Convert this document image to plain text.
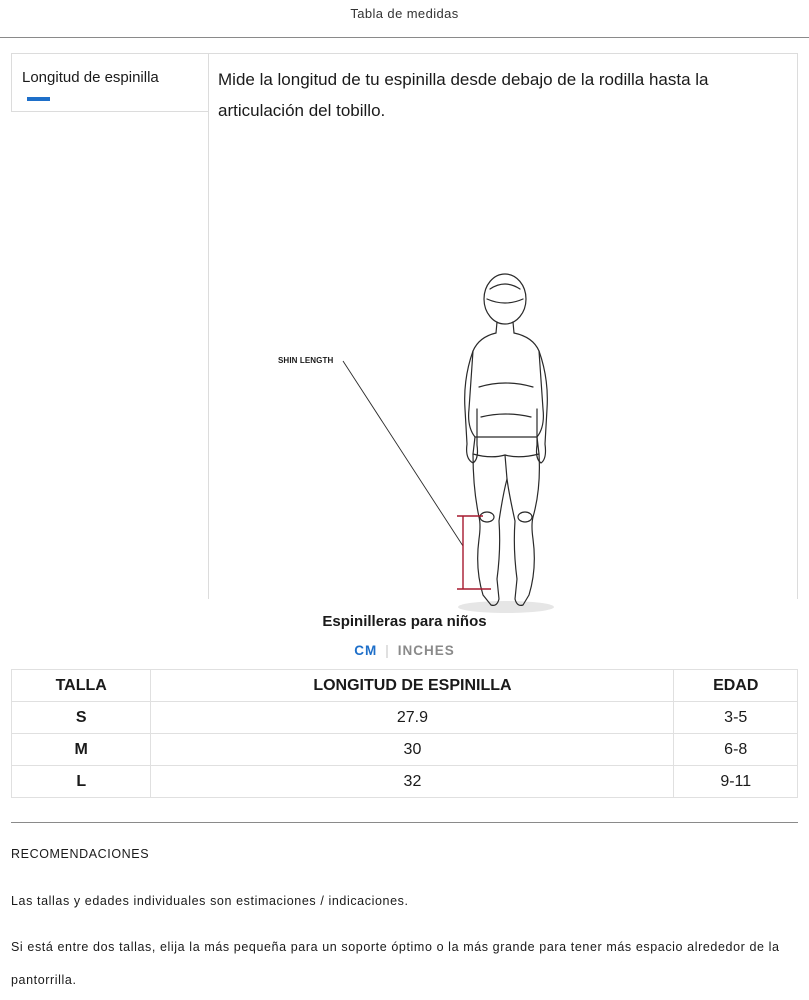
Tabla de medidas
Longitud de espinilla	Mide la longitud de tu espinilla desde debajo de la rodilla hasta la articulación del tobillo.

SHIN LENGTH
Espinilleras para niños
CM | INCHES
TALLA	LONGITUD DE ESPINILLA	EDAD
S	27.9	3-5
M	30	6-8
L	32	9-11
RECOMENDACIONES

Las tallas y edades individuales son estimaciones / indicaciones.

Si está entre dos tallas, elija la más pequeña para un soporte óptimo o la más grande para tener más espacio alrededor de la pantorrilla.
